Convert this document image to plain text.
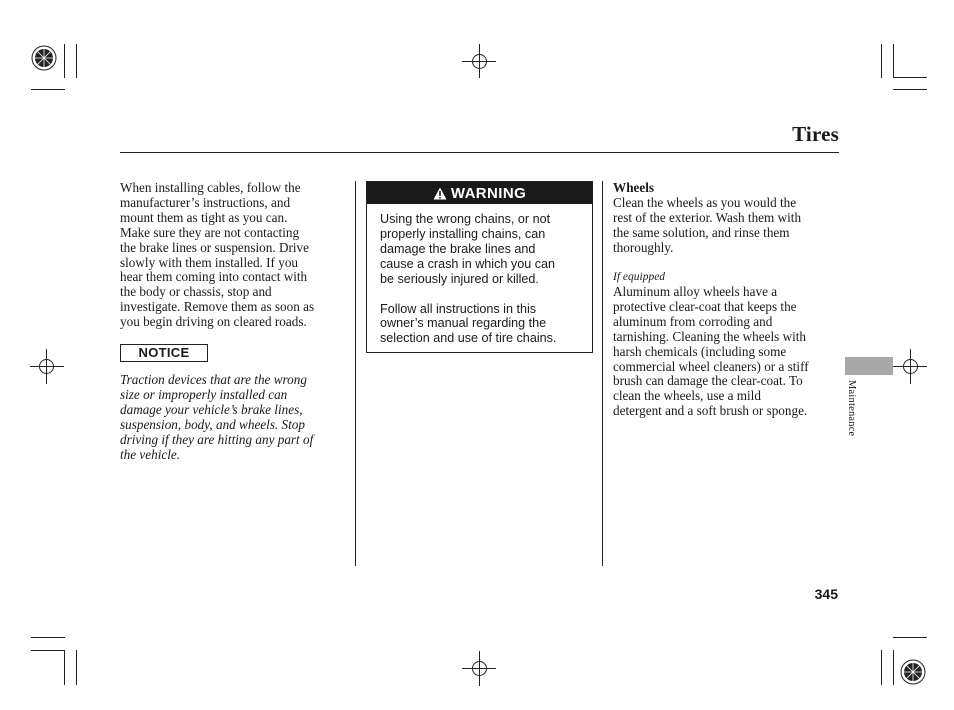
Tires
When installing cables, follow the
manufacturer’s instructions, and
mount them as tight as you can.
Make sure they are not contacting
the brake lines or suspension. Drive
slowly with them installed. If you
hear them coming into contact with
the body or chassis, stop and
investigate. Remove them as soon as
you begin driving on cleared roads.
NOTICE
Traction devices that are the wrong
size or improperly installed can
damage your vehicle’s brake lines,
suspension, body, and wheels. Stop
driving if they are hitting any part of
the vehicle.
WARNING

Using the wrong chains, or not
properly installing chains, can
damage the brake lines and
cause a crash in which you can
be seriously injured or killed.

Follow all instructions in this
owner’s manual regarding the
selection and use of tire chains.

Wheels
Clean the wheels as you would the
rest of the exterior. Wash them with
the same solution, and rinse them
thoroughly.
If equipped
Aluminum alloy wheels have a
protective clear-coat that keeps the
aluminum from corroding and
tarnishing. Cleaning the wheels with
harsh chemicals (including some
commercial wheel cleaners) or a stiff
brush can damage the clear-coat. To
clean the wheels, use a mild
detergent and a soft brush or sponge.	Maintenance
345
